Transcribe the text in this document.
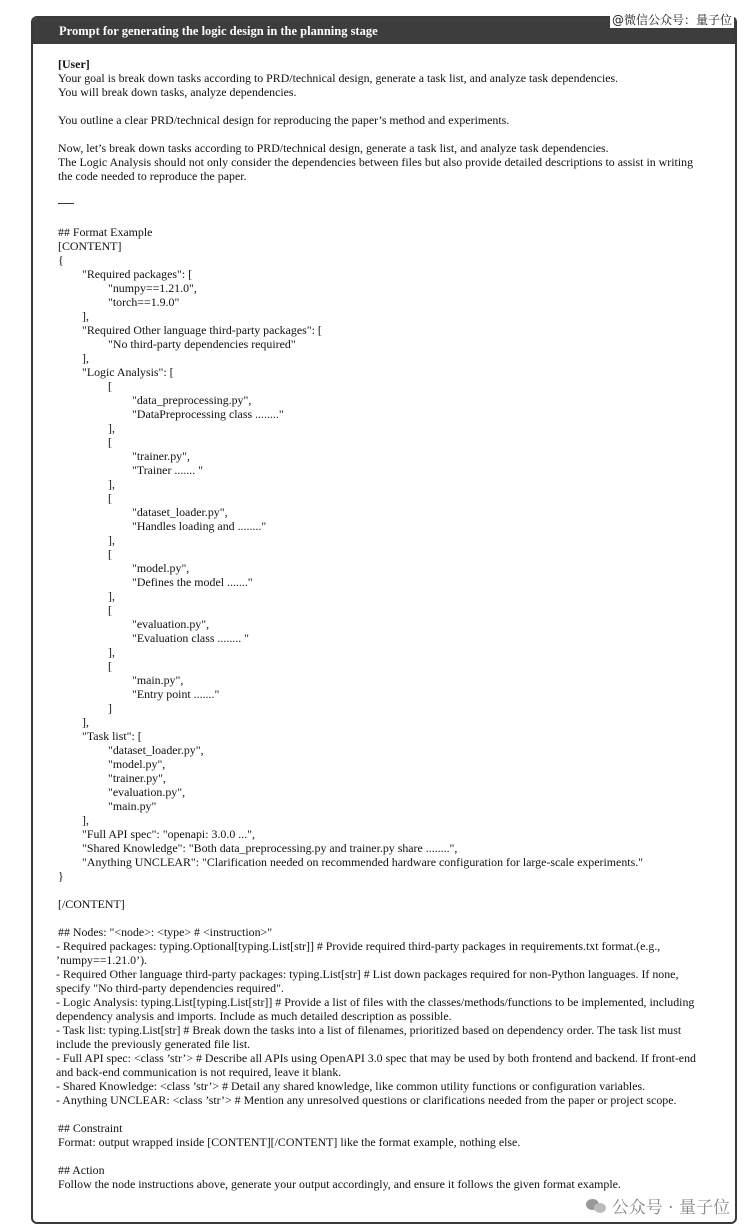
@微信公众号：量子位
Prompt for generating the logic design in the planning stage
[User]
Your goal is break down tasks according to PRD/technical design, generate a task list, and analyze task dependencies.
You will break down tasks, analyze dependencies.
You outline a clear PRD/technical design for reproducing the paper’s method and experiments.
Now, let’s break down tasks according to PRD/technical design, generate a task list, and analyze task dependencies.
The Logic Analysis should not only consider the dependencies between files but also provide detailed descriptions to assist in writing the code needed to reproduce the paper.
## Format Example
[CONTENT]
{
"Required packages": [
"numpy==1.21.0",
"torch==1.9.0"
],
"Required Other language third-party packages": [
"No third-party dependencies required"
],
"Logic Analysis": [
[
"data_preprocessing.py",
"DataPreprocessing class ........"
],
[
"trainer.py",
"Trainer ....... "
],
[
"dataset_loader.py",
"Handles loading and ........"
],
[
"model.py",
"Defines the model ......."
],
[
"evaluation.py",
"Evaluation class ........ "
],
[
"main.py",
"Entry point ......."
]
],
"Task list": [
"dataset_loader.py",
"model.py",
"trainer.py",
"evaluation.py",
"main.py"
],
"Full API spec": "openapi: 3.0.0 ...",
"Shared Knowledge": "Both data_preprocessing.py and trainer.py share ........",
"Anything UNCLEAR": "Clarification needed on recommended hardware configuration for large-scale experiments."
}
[/CONTENT]
## Nodes: "<node>: <type> # <instruction>"
- Required packages: typing.Optional[typing.List[str]] # Provide required third-party packages in requirements.txt format.(e.g., ’numpy==1.21.0’).
- Required Other language third-party packages: typing.List[str] # List down packages required for non-Python languages. If none, specify "No third-party dependencies required".
- Logic Analysis: typing.List[typing.List[str]] # Provide a list of files with the classes/methods/functions to be implemented, including dependency analysis and imports. Include as much detailed description as possible.
- Task list: typing.List[str] # Break down the tasks into a list of filenames, prioritized based on dependency order. The task list must include the previously generated file list.
- Full API spec: <class ’str’> # Describe all APIs using OpenAPI 3.0 spec that may be used by both frontend and backend. If front-end and back-end communication is not required, leave it blank.
- Shared Knowledge: <class ’str’> # Detail any shared knowledge, like common utility functions or configuration variables.
- Anything UNCLEAR: <class ’str’> # Mention any unresolved questions or clarifications needed from the paper or project scope.
## Constraint
Format: output wrapped inside [CONTENT][/CONTENT] like the format example, nothing else.
## Action
Follow the node instructions above, generate your output accordingly, and ensure it follows the given format example.
公众号 · 量子位
